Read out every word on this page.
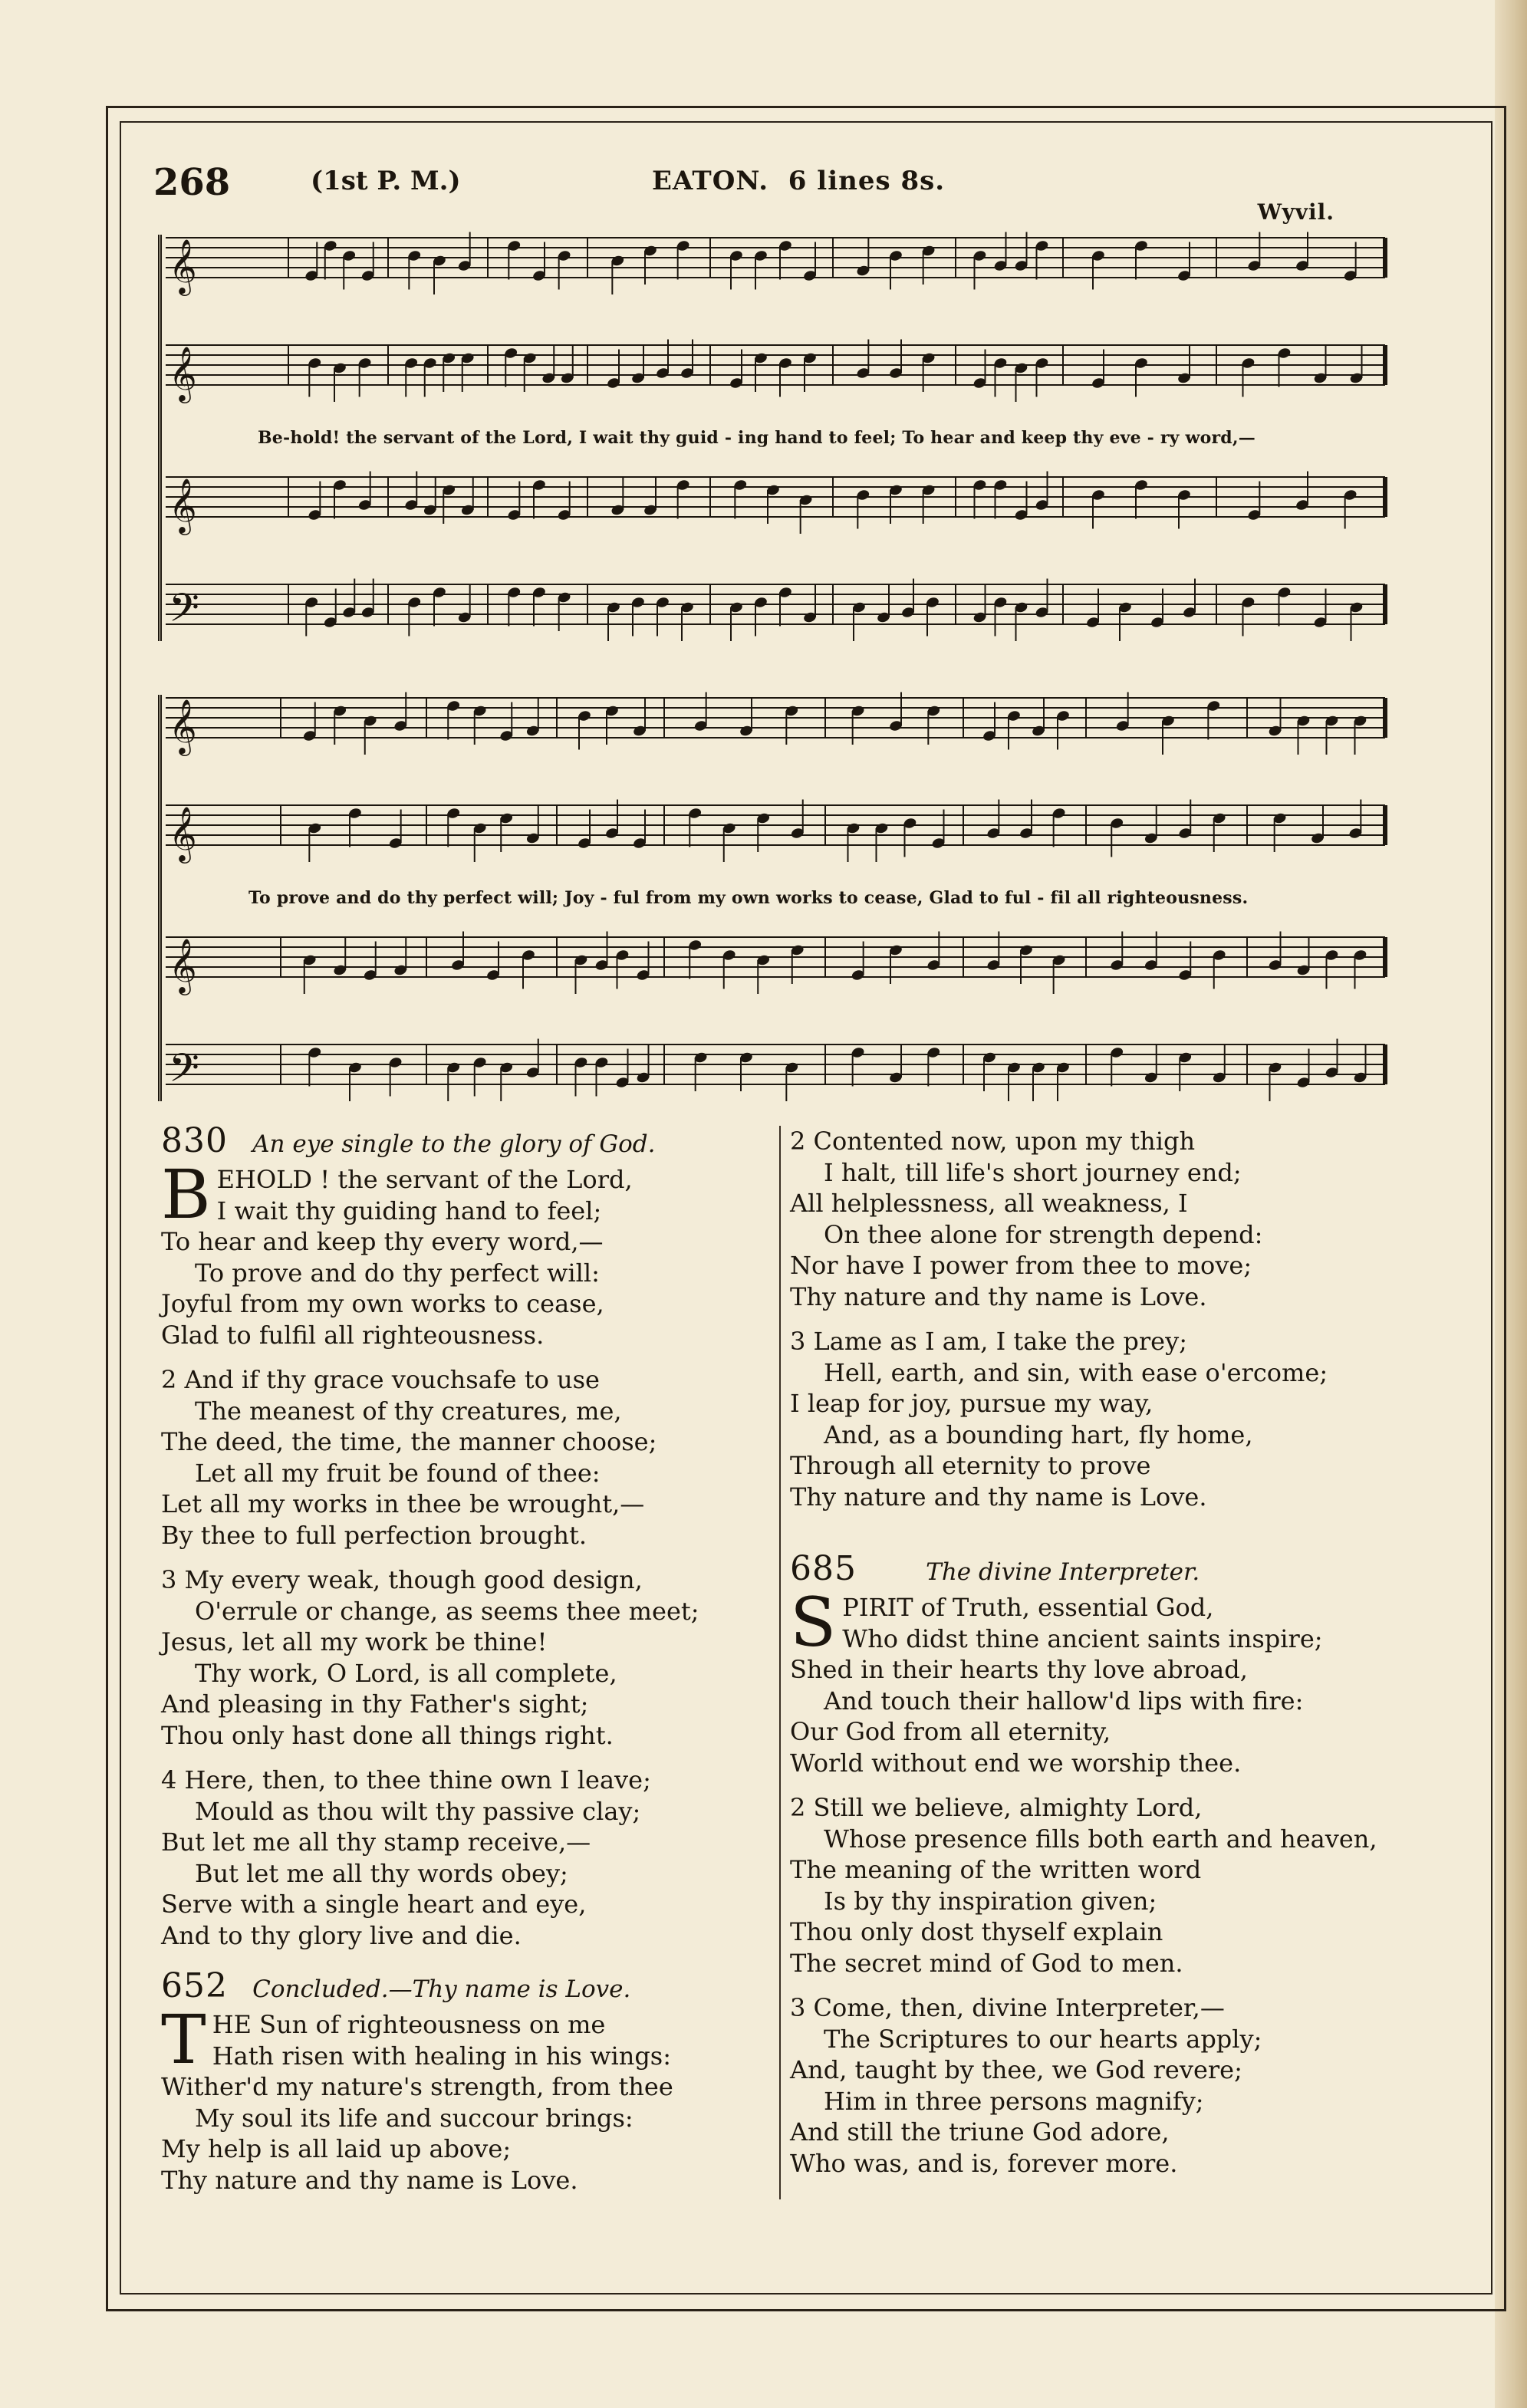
268	(1st P. M.)	EATON. 6 lines 8s.
Wyvil.
𝄞
𝄞
𝄞
𝄢
Be-hold! the servant of the Lord, I wait thy guid - ing hand to feel; To hear and keep thy eve - ry word,—
𝄞
𝄞
𝄞
𝄢
To prove and do thy perfect will; Joy - ful from my own works to cease, Glad to ful - fil all righteousness.
830 An eye single to the glory of God.
B EHOLD ! the servant of the Lord,
I wait thy guiding hand to feel;
To hear and keep thy every word,—
To prove and do thy perfect will:
Joyful from my own works to cease,
Glad to fulfil all righteousness.
2 And if thy grace vouchsafe to use
The meanest of thy creatures, me,
The deed, the time, the manner choose;
Let all my fruit be found of thee:
Let all my works in thee be wrought,—
By thee to full perfection brought.
3 My every weak, though good design,
O'errule or change, as seems thee meet;
Jesus, let all my work be thine!
Thy work, O Lord, is all complete,
And pleasing in thy Father's sight;
Thou only hast done all things right.
4 Here, then, to thee thine own I leave;
Mould as thou wilt thy passive clay;
But let me all thy stamp receive,—
But let me all thy words obey;
Serve with a single heart and eye,
And to thy glory live and die.
652 Concluded.—Thy name is Love.
T HE Sun of righteousness on me
Hath risen with healing in his wings:
Wither'd my nature's strength, from thee
My soul its life and succour brings:
My help is all laid up above;
Thy nature and thy name is Love.
2 Contented now, upon my thigh
I halt, till life's short journey end;
All helplessness, all weakness, I
On thee alone for strength depend:
Nor have I power from thee to move;
Thy nature and thy name is Love.
3 Lame as I am, I take the prey;
Hell, earth, and sin, with ease o'ercome;
I leap for joy, pursue my way,
And, as a bounding hart, fly home,
Through all eternity to prove
Thy nature and thy name is Love.
685	The divine Interpreter.
S PIRIT of Truth, essential God,
Who didst thine ancient saints inspire;
Shed in their hearts thy love abroad,
And touch their hallow'd lips with fire:
Our God from all eternity,
World without end we worship thee.
2 Still we believe, almighty Lord,
Whose presence fills both earth and heaven,
The meaning of the written word
Is by thy inspiration given;
Thou only dost thyself explain
The secret mind of God to men.
3 Come, then, divine Interpreter,—
The Scriptures to our hearts apply;
And, taught by thee, we God revere;
Him in three persons magnify;
And still the triune God adore,
Who was, and is, forever more.
